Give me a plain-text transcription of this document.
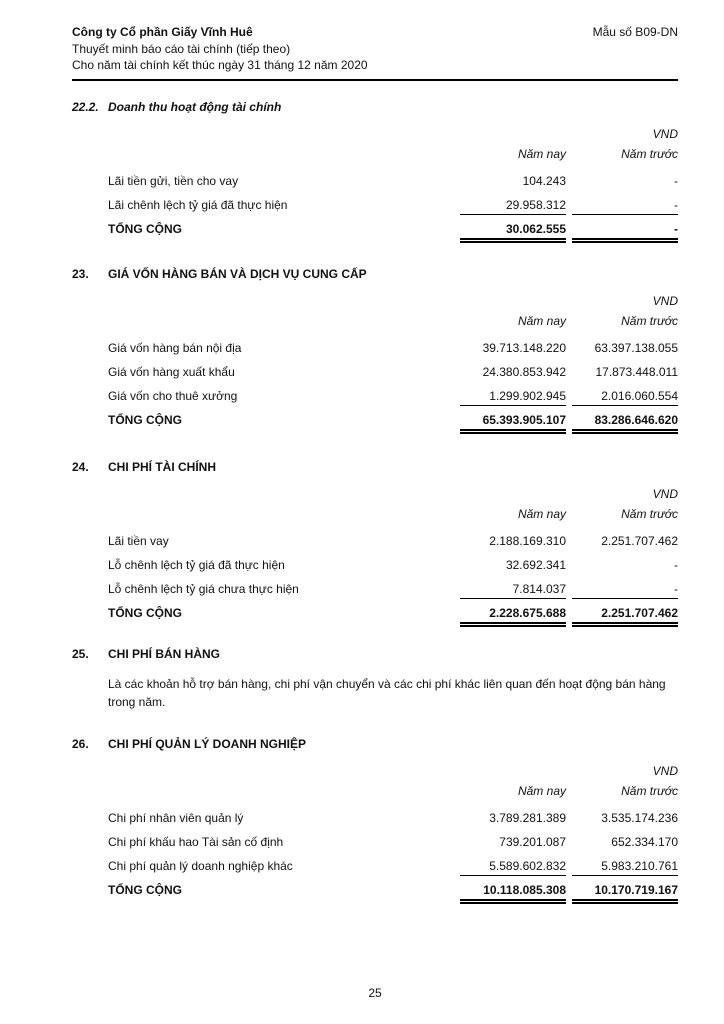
Công ty Cổ phần Giấy Vĩnh Huê
Thuyết minh báo cáo tài chính (tiếp theo)
Cho năm tài chính kết thúc ngày 31 tháng 12 năm 2020
Mẫu số B09-DN
22.2. Doanh thu hoạt động tài chính
VND
Năm nay	Năm trước
Lãi tiền gửi, tiền cho vay	104.243	-
Lãi chênh lệch tỷ giá đã thực hiện	29.958.312	-
TỔNG CỘNG	30.062.555	-
23.	GIÁ VỐN HÀNG BÁN VÀ DỊCH VỤ CUNG CẤP
VND
Năm nay	Năm trước
Giá vốn hàng bán nội địa	39.713.148.220	63.397.138.055
Giá vốn hàng xuất khẩu	24.380.853.942	17.873.448.011
Giá vốn cho thuê xưởng	1.299.902.945	2.016.060.554
TỔNG CỘNG	65.393.905.107	83.286.646.620
24.	CHI PHÍ TÀI CHÍNH
VND
Năm nay	Năm trước
Lãi tiền vay	2.188.169.310	2.251.707.462
Lỗ chênh lệch tỷ giá đã thực hiện	32.692.341	-
Lỗ chênh lệch tỷ giá chưa thực hiện	7.814.037	-
TỔNG CỘNG	2.228.675.688	2.251.707.462
25.	CHI PHÍ BÁN HÀNG

Là các khoản hỗ trợ bán hàng, chi phí vận chuyển và các chi phí khác liên quan đến hoạt động bán hàng trong năm.

26.	CHI PHÍ QUẢN LÝ DOANH NGHIỆP
VND
Năm nay	Năm trước
Chi phí nhân viên quản lý	3.789.281.389	3.535.174.236
Chi phí khấu hao Tài sản cố định	739.201.087	652.334.170
Chi phí quản lý doanh nghiệp khác	5.589.602.832	5.983.210.761
TỔNG CỘNG	10.118.085.308	10.170.719.167
25
